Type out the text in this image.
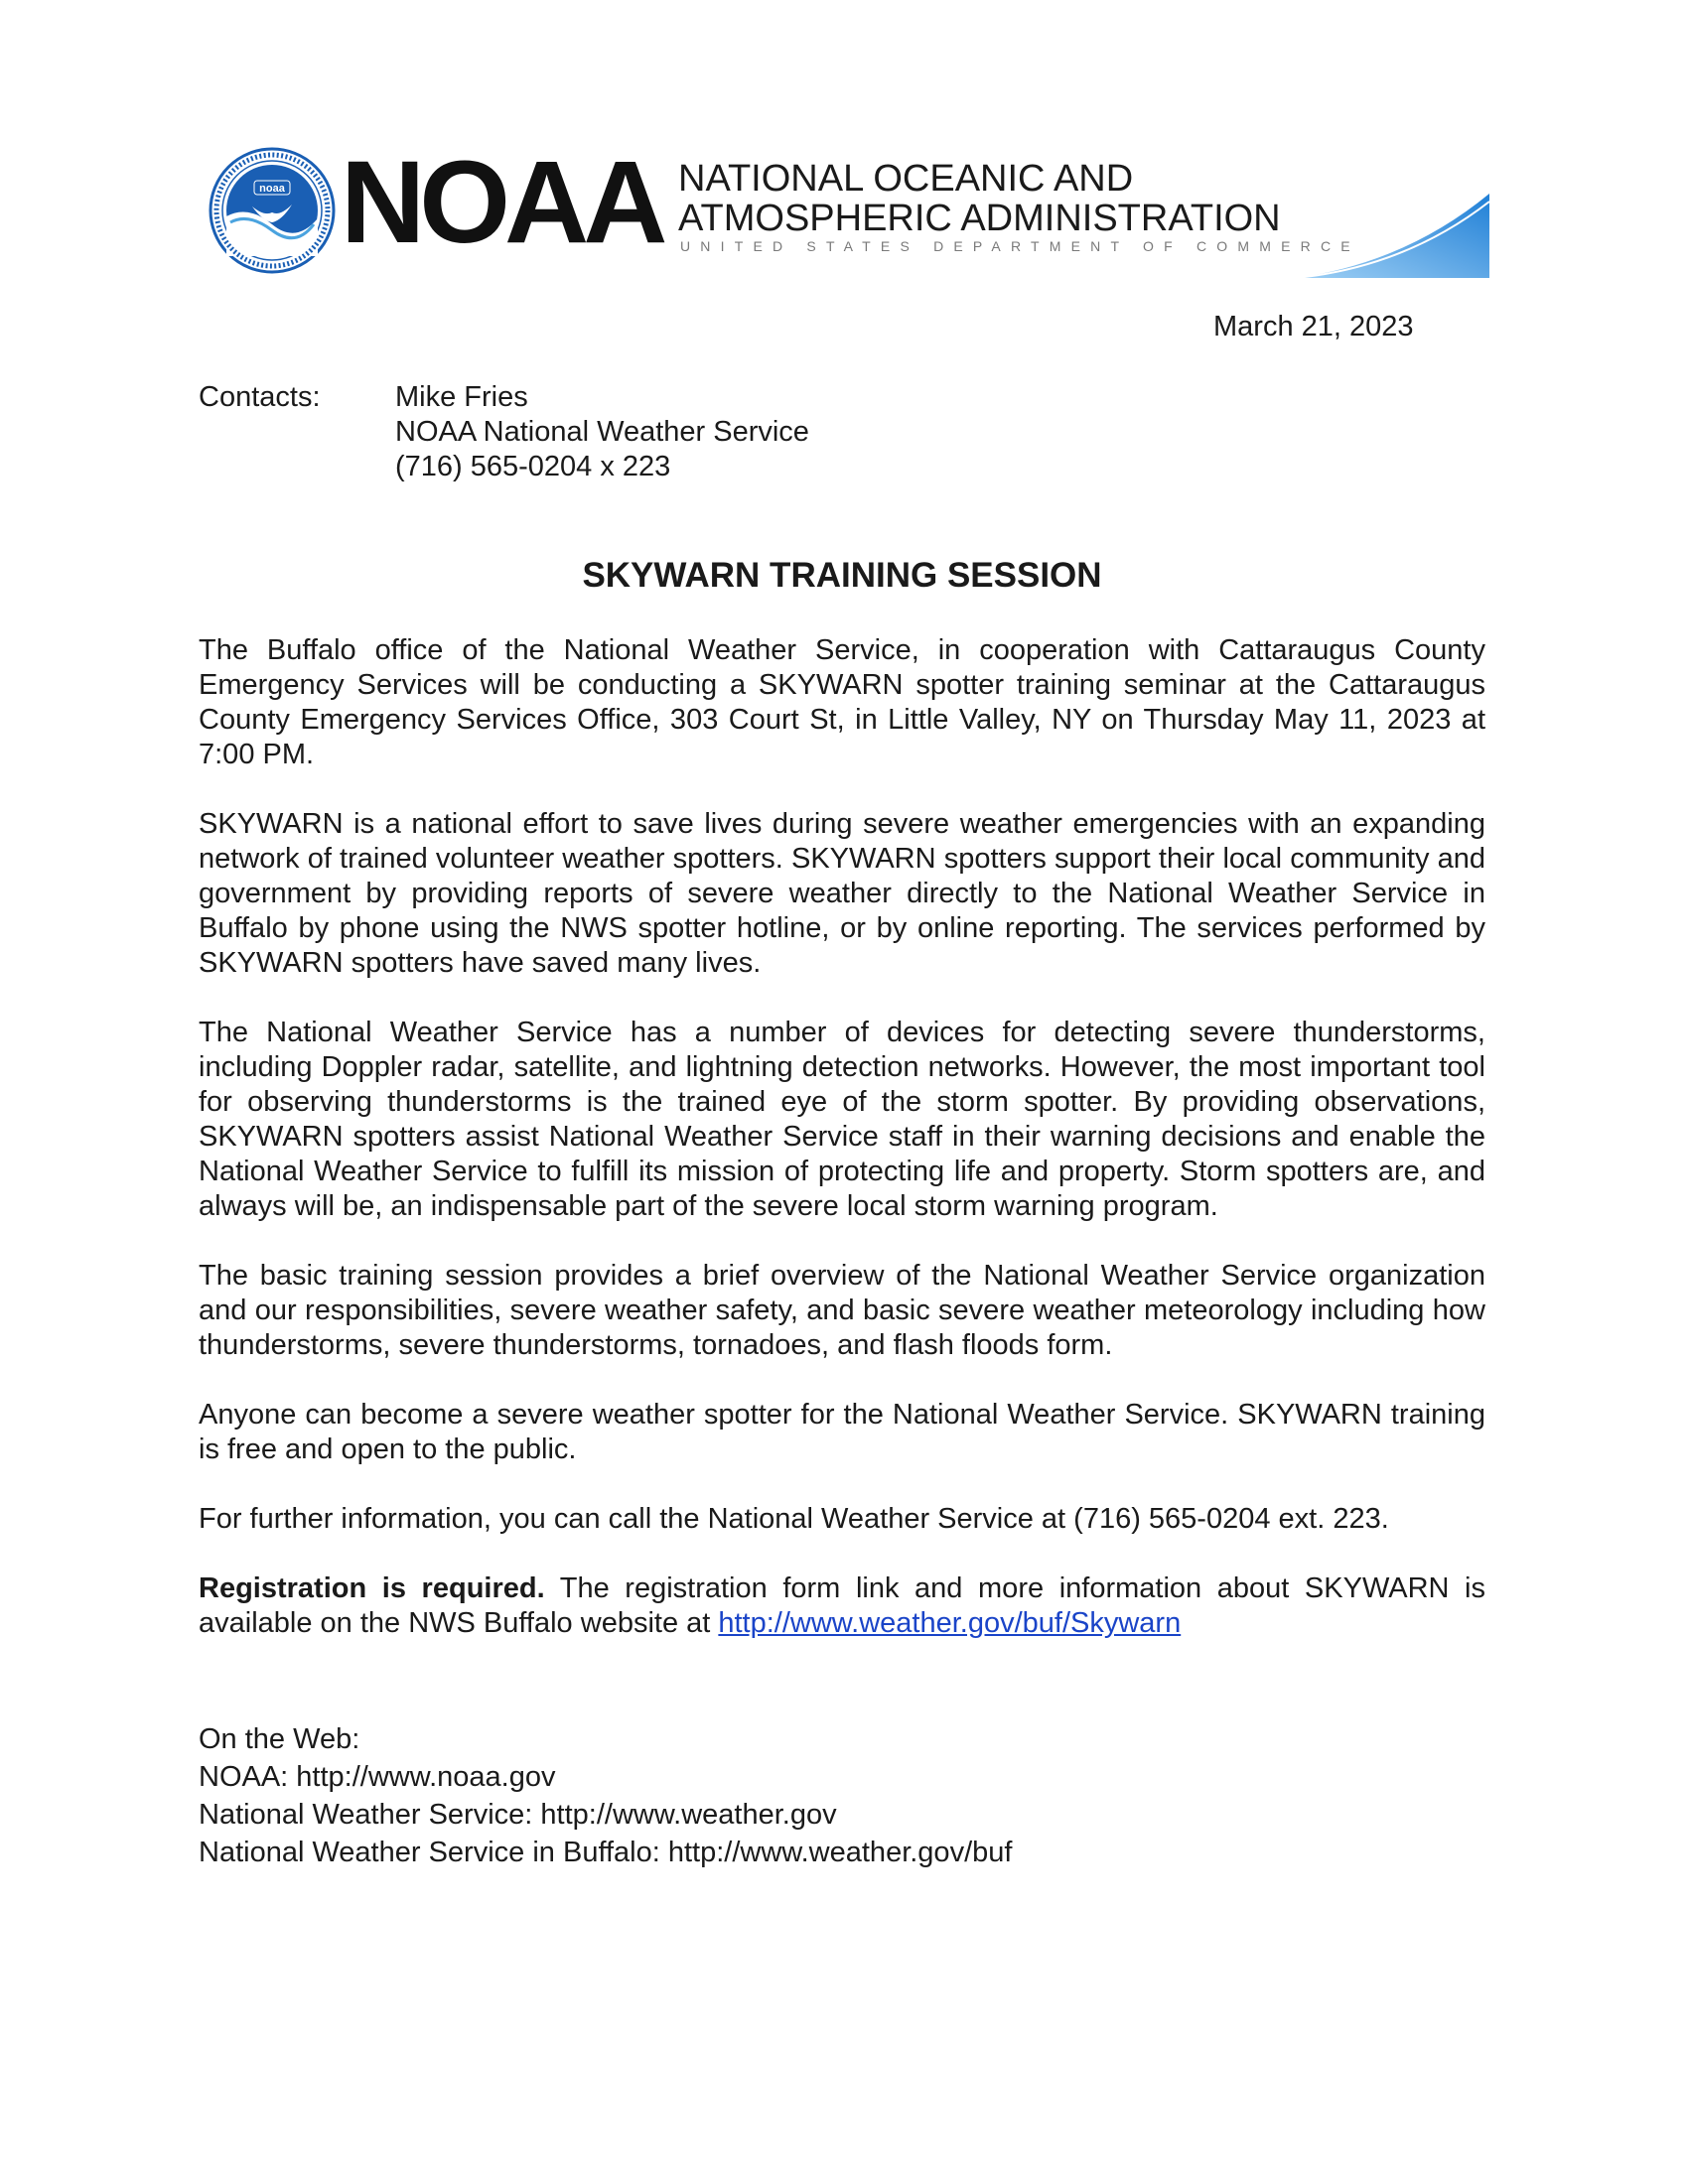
noaa NOAA NATIONAL OCEANIC AND
ATMOSPHERIC ADMINISTRATION
UNITED STATES DEPARTMENT OF COMMERCE
March 21, 2023
Contacts:	Mike Fries
NOAA National Weather Service
(716) 565-0204 x 223
SKYWARN TRAINING SESSION
The Buffalo office of the National Weather Service, in cooperation with Cattaraugus County Emergency Services will be conducting a SKYWARN spotter training seminar at the Cattaraugus County Emergency Services Office, 303 Court St, in Little Valley, NY on Thursday May 11, 2023 at 7:00 PM.
SKYWARN is a national effort to save lives during severe weather emergencies with an expanding network of trained volunteer weather spotters. SKYWARN spotters support their local community and government by providing reports of severe weather directly to the National Weather Service in Buffalo by phone using the NWS spotter hotline, or by online reporting. The services performed by SKYWARN spotters have saved many lives.
The National Weather Service has a number of devices for detecting severe thunderstorms, including Doppler radar, satellite, and lightning detection networks. However, the most important tool for observing thunderstorms is the trained eye of the storm spotter. By providing observations, SKYWARN spotters assist National Weather Service staff in their warning decisions and enable the National Weather Service to fulfill its mission of protecting life and property. Storm spotters are, and always will be, an indispensable part of the severe local storm warning program.
The basic training session provides a brief overview of the National Weather Service organization and our responsibilities, severe weather safety, and basic severe weather meteorology including how thunderstorms, severe thunderstorms, tornadoes, and flash floods form.
Anyone can become a severe weather spotter for the National Weather Service. SKYWARN training is free and open to the public.
For further information, you can call the National Weather Service at (716) 565-0204 ext. 223.
Registration is required. The registration form link and more information about SKYWARN is available on the NWS Buffalo website at http://www.weather.gov/buf/Skywarn
On the Web:
NOAA: http://www.noaa.gov
National Weather Service: http://www.weather.gov
National Weather Service in Buffalo: http://www.weather.gov/buf
